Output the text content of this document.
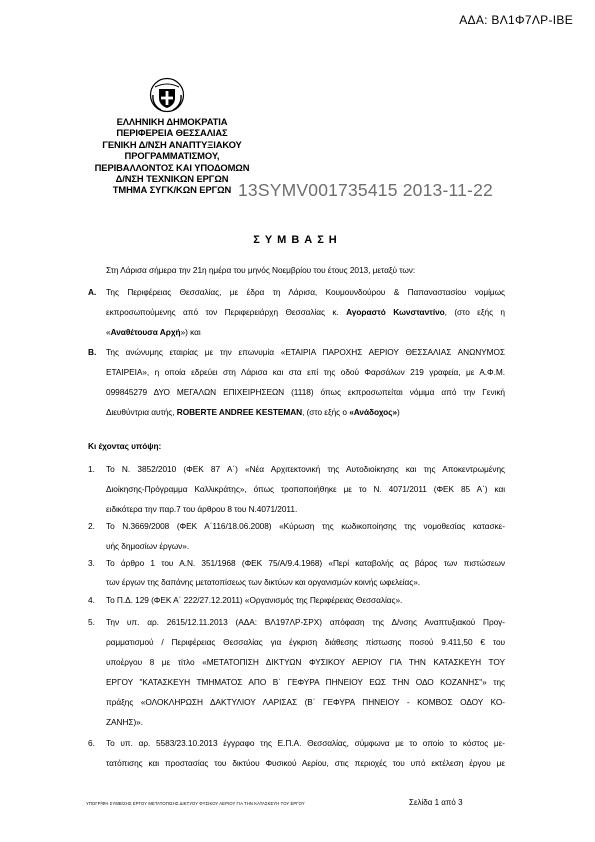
ΑΔΑ: ΒΛ1Φ7ΛΡ-ΙΒΕ
ΕΛΛΗΝΙΚΗ ΔΗΜΟΚΡΑΤΙΑ
ΠΕΡΙΦΕΡΕΙΑ ΘΕΣΣΑΛΙΑΣ
ΓΕΝΙΚΗ Δ/ΝΣΗ ΑΝΑΠΤΥΞΙΑΚΟΥ
ΠΡΟΓΡΑΜΜΑΤΙΣΜΟΥ,
ΠΕΡΙΒΑΛΛΟΝΤΟΣ ΚΑΙ ΥΠΟΔΟΜΩΝ
Δ/ΝΣΗ ΤΕΧΝΙΚΩΝ ΕΡΓΩΝ
ΤΜΗΜΑ ΣΥΓΚ/ΚΩΝ ΕΡΓΩΝ 13SYMV001735415 2013-11-22
ΣΥΜΒΑΣΗ
Στη Λάρισα σήμερα την 21η ημέρα του μηνός Νοεμβρίου του έτους 2013, μεταξύ των:
Α. Της Περιφέρειας Θεσσαλίας, με έδρα τη Λάρισα, Κουμουνδούρου & Παπαναστασίου νομίμως
εκπροσωπούμενης από τον Περιφερειάρχη Θεσσαλίας κ. Αγοραστό Κωνσταντίνο, (στο εξής η
«Αναθέτουσα Αρχή») και
Β. Της ανώνυμης εταιρίας με την επωνυμία «ΕΤΑΙΡΙΑ ΠΑΡΟΧΗΣ ΑΕΡΙΟΥ ΘΕΣΣΑΛΙΑΣ ΑΝΩΝΥΜΟΣ
ΕΤΑΙΡΕΙΑ», η οποία εδρεύει στη Λάρισα και στα επί της οδού Φαρσάλων 219 γραφεία, με Α.Φ.Μ.
099845279 ΔΥΟ ΜΕΓΑΛΩΝ ΕΠΙΧΕΙΡΗΣΕΩΝ (1118) όπως εκπροσωπείται νόμιμα από την Γενική
Διευθύντρια αυτής, ROBERTE ANDREE KESTEMAN, (στο εξής ο «Ανάδοχος»)
Κι έχοντας υπόψη:
1. Το Ν. 3852/2010 (ΦΕΚ 87 Α΄) «Νέα Αρχιτεκτονική της Αυτοδιοίκησης και της Αποκεντρωμένης
Διοίκησης-Πρόγραμμα Καλλικράτης», όπως τροποποιήθηκε με το Ν. 4071/2011 (ΦΕΚ 85 Α΄) και
ειδικότερα την παρ.7 του άρθρου 8 του Ν.4071/2011.
2. Το Ν.3669/2008 (ΦΕΚ Α΄116/18.06.2008) «Κύρωση της κωδικοποίησης της νομοθεσίας κατασκε-
υής δημοσίων έργων».
3. Το άρθρο 1 του Α.Ν. 351/1968 (ΦΕΚ 75/Α/9.4.1968) «Περί καταβολής ας βάρος των πιστώσεων
των έργων της δαπάνης μετατοπίσεως των δικτύων και οργανισμών κοινής ωφελείας».
4. Το Π.Δ. 129 (ΦΕΚ Α΄ 222/27.12.2011) «Οργανισμός της Περιφέρειας Θεσσαλίας».
5. Την υπ. αρ. 2615/12.11.2013 (ΑΔΑ: ΒΛ197ΛΡ-ΣΡΧ) απόφαση της Δ/νσης Αναπτυξιακού Προγ-
ραμματισμού / Περιφέρειας Θεσσαλίας για έγκριση διάθεσης πίστωσης ποσού 9.411,50 € του
υποέργου 8 με τίτλο «ΜΕΤΑΤΟΠΙΣΗ ΔΙΚΤΥΩΝ ΦΥΣΙΚΟΥ ΑΕΡΙΟΥ ΓΙΑ ΤΗΝ ΚΑΤΑΣΚΕΥΗ ΤΟΥ
ΕΡΓΟΥ "ΚΑΤΑΣΚΕΥΗ ΤΜΗΜΑΤΟΣ ΑΠΟ Β΄ ΓΕΦΥΡΑ ΠΗΝΕΙΟΥ ΕΩΣ ΤΗΝ ΟΔΟ ΚΟΖΑΝΗΣ"» της
πράξης «ΟΛΟΚΛΗΡΩΣΗ ΔΑΚΤΥΛΙΟΥ ΛΑΡΙΣΑΣ (Β΄ ΓΕΦΥΡΑ ΠΗΝΕΙΟΥ - ΚΟΜΒΟΣ ΟΔΟΥ ΚΟ-
ΖΑΝΗΣ)».
6. Το υπ. αρ. 5583/23.10.2013 έγγραφο της Ε.Π.Α. Θεσσαλίας, σύμφωνα με το οποίο το κόστος με-
τατόπισης και προστασίας του δικτύου Φυσικού Αερίου, στις περιοχές του υπό εκτέλεση έργου με
ΥΠΟΓΡ/ΦΗ ΣΥΜΒ/ΣΗΣ ΕΡΓΟΥ ΜΕΤΑΤΟΠΙΣΗΣ ΔΙΚΤΥΟΥ ΦΥΣΙΚΟΥ ΑΕΡΙΟΥ ΓΙΑ ΤΗΝ ΚΑΤΑΣΚΕΥΗ ΤΟΥ ΕΡΓΟΥ	Σελίδα 1 από 3
